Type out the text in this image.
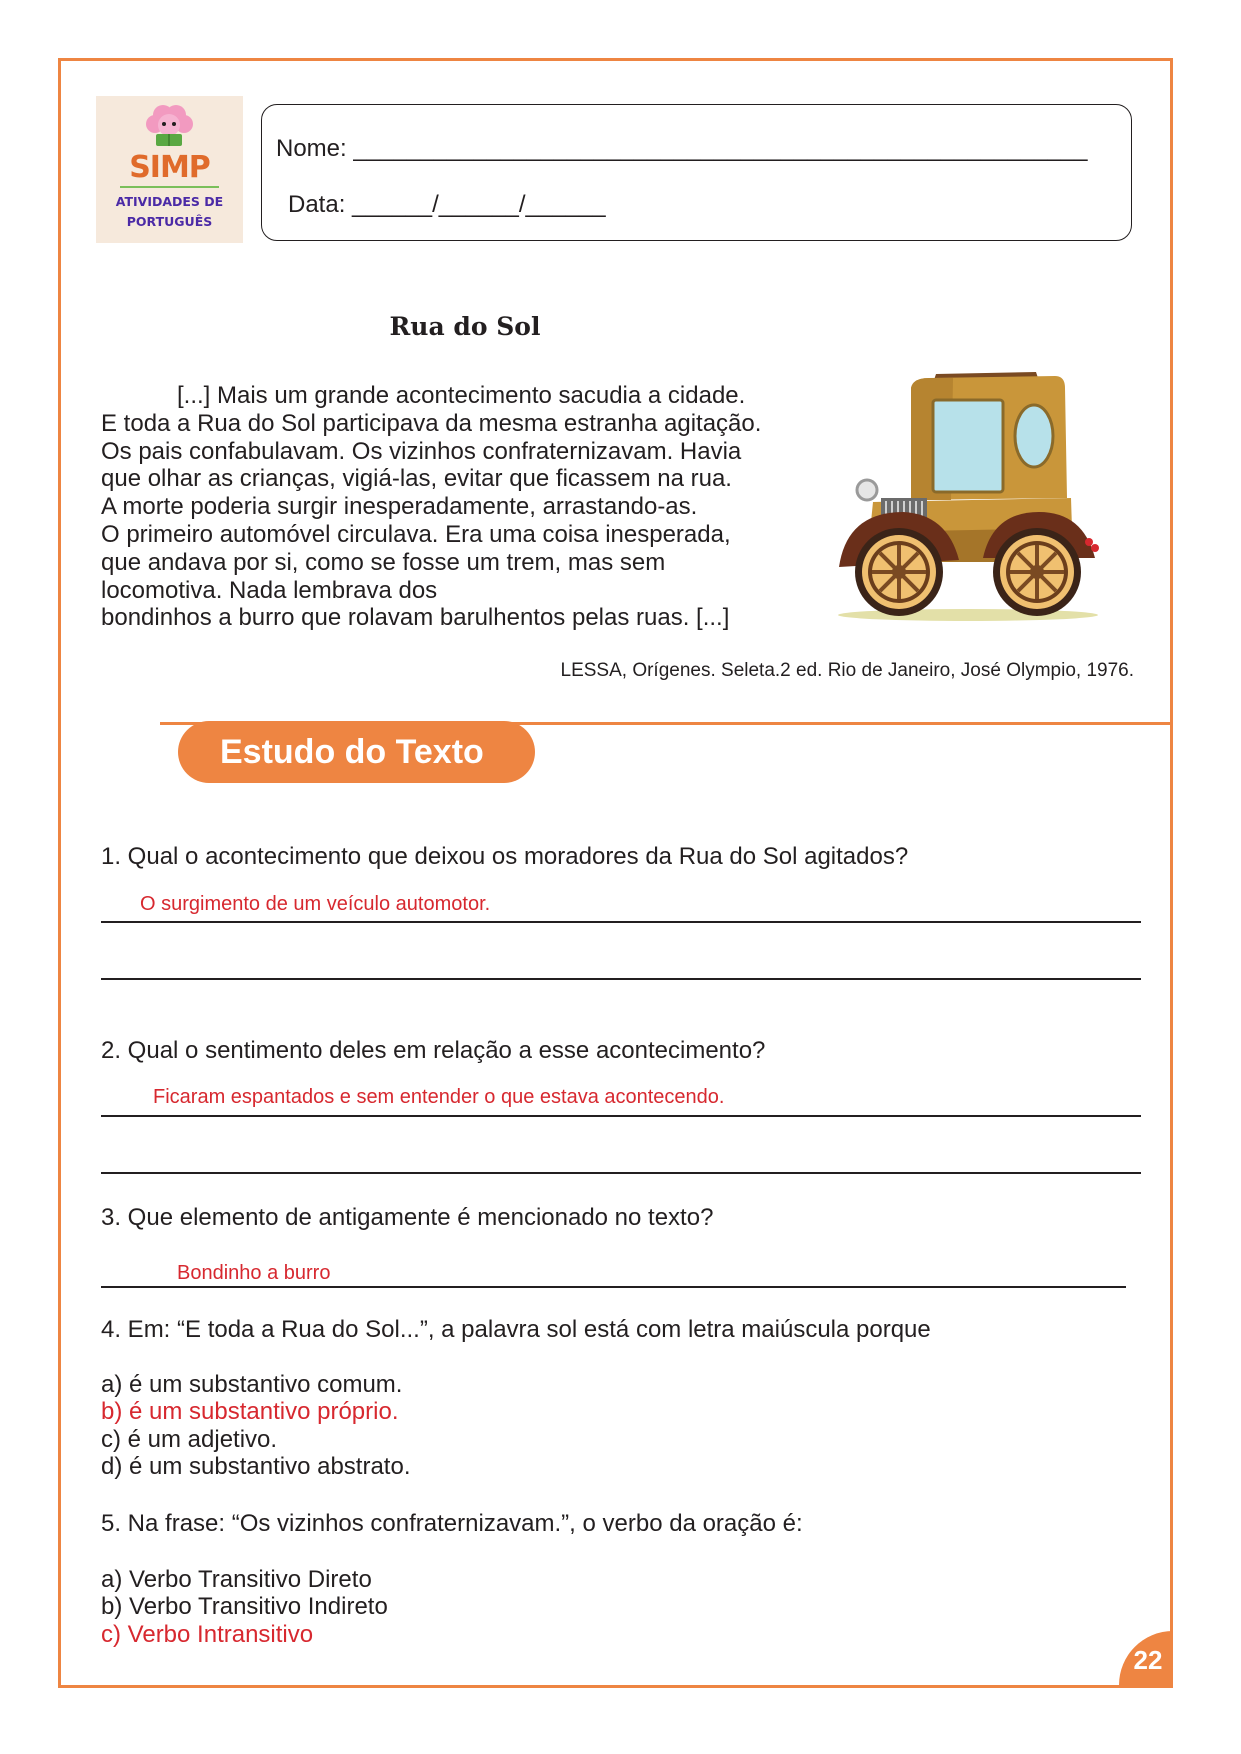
SIMP
ATIVIDADES DE
PORTUGUÊS
Nome: _______________________________________________________
Data: ______/______/______
Rua do Sol
[...] Mais um grande acontecimento sacudia a cidade.
E toda a Rua do Sol participava da mesma estranha agitação.
Os pais confabulavam. Os vizinhos confraternizavam. Havia
que olhar as crianças, vigiá-las, evitar que ficassem na rua.
A morte poderia surgir inesperadamente, arrastando-as.
O primeiro automóvel circulava. Era uma coisa inesperada,
que andava por si, como se fosse um trem, mas sem
locomotiva. Nada lembrava dos
bondinhos a burro que rolavam barulhentos pelas ruas. [...]
LESSA, Orígenes. Seleta.2 ed. Rio de Janeiro, José Olympio, 1976.
Estudo do Texto
1. Qual o acontecimento que deixou os moradores da Rua do Sol agitados?
O surgimento de um veículo automotor.
2. Qual o sentimento deles em relação a esse acontecimento?
Ficaram espantados e sem entender o que estava acontecendo.
3. Que elemento de antigamente é mencionado no texto?
Bondinho a burro
4. Em: “E toda a Rua do Sol...”, a palavra sol está com letra maiúscula porque
a) é um substantivo comum.
b) é um substantivo próprio.
c) é um adjetivo.
d) é um substantivo abstrato.
5. Na frase: “Os vizinhos confraternizavam.”, o verbo da oração é:
a) Verbo Transitivo Direto
b) Verbo Transitivo Indireto
c) Verbo Intransitivo
22
